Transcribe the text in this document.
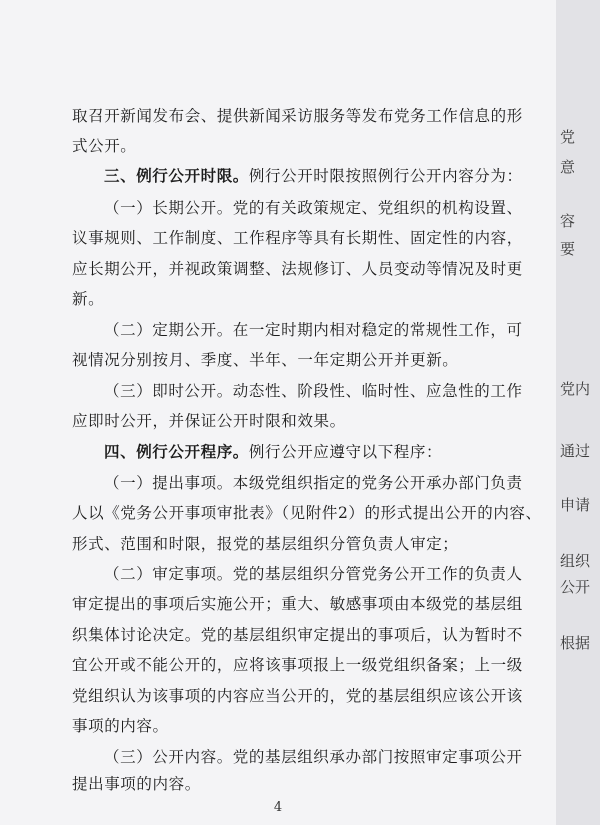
取召开新闻发布会、提供新闻采访服务等发布党务工作信息的形
式公开。
三、例行公开时限。例行公开时限按照例行公开内容分为：
（一）长期公开。党的有关政策规定、党组织的机构设置、
议事规则、工作制度、工作程序等具有长期性、固定性的内容，
应长期公开，并视政策调整、法规修订、人员变动等情况及时更
新。
（二）定期公开。在一定时期内相对稳定的常规性工作，可
视情况分别按月、季度、半年、一年定期公开并更新。
（三）即时公开。动态性、阶段性、临时性、应急性的工作
应即时公开，并保证公开时限和效果。
四、例行公开程序。例行公开应遵守以下程序：
（一）提出事项。本级党组织指定的党务公开承办部门负责
人以《党务公开事项审批表》（见附件2）的形式提出公开的内容、
形式、范围和时限，报党的基层组织分管负责人审定；
（二）审定事项。党的基层组织分管党务公开工作的负责人
审定提出的事项后实施公开；重大、敏感事项由本级党的基层组
织集体讨论决定。党的基层组织审定提出的事项后，认为暂时不
宜公开或不能公开的，应将该事项报上一级党组织备案；上一级
党组织认为该事项的内容应当公开的，党的基层组织应该公开该
事项的内容。
（三）公开内容。党的基层组织承办部门按照审定事项公开
提出事项的内容。
4
党
意
容
要
党内
通过
申请
组织
公开
根据
